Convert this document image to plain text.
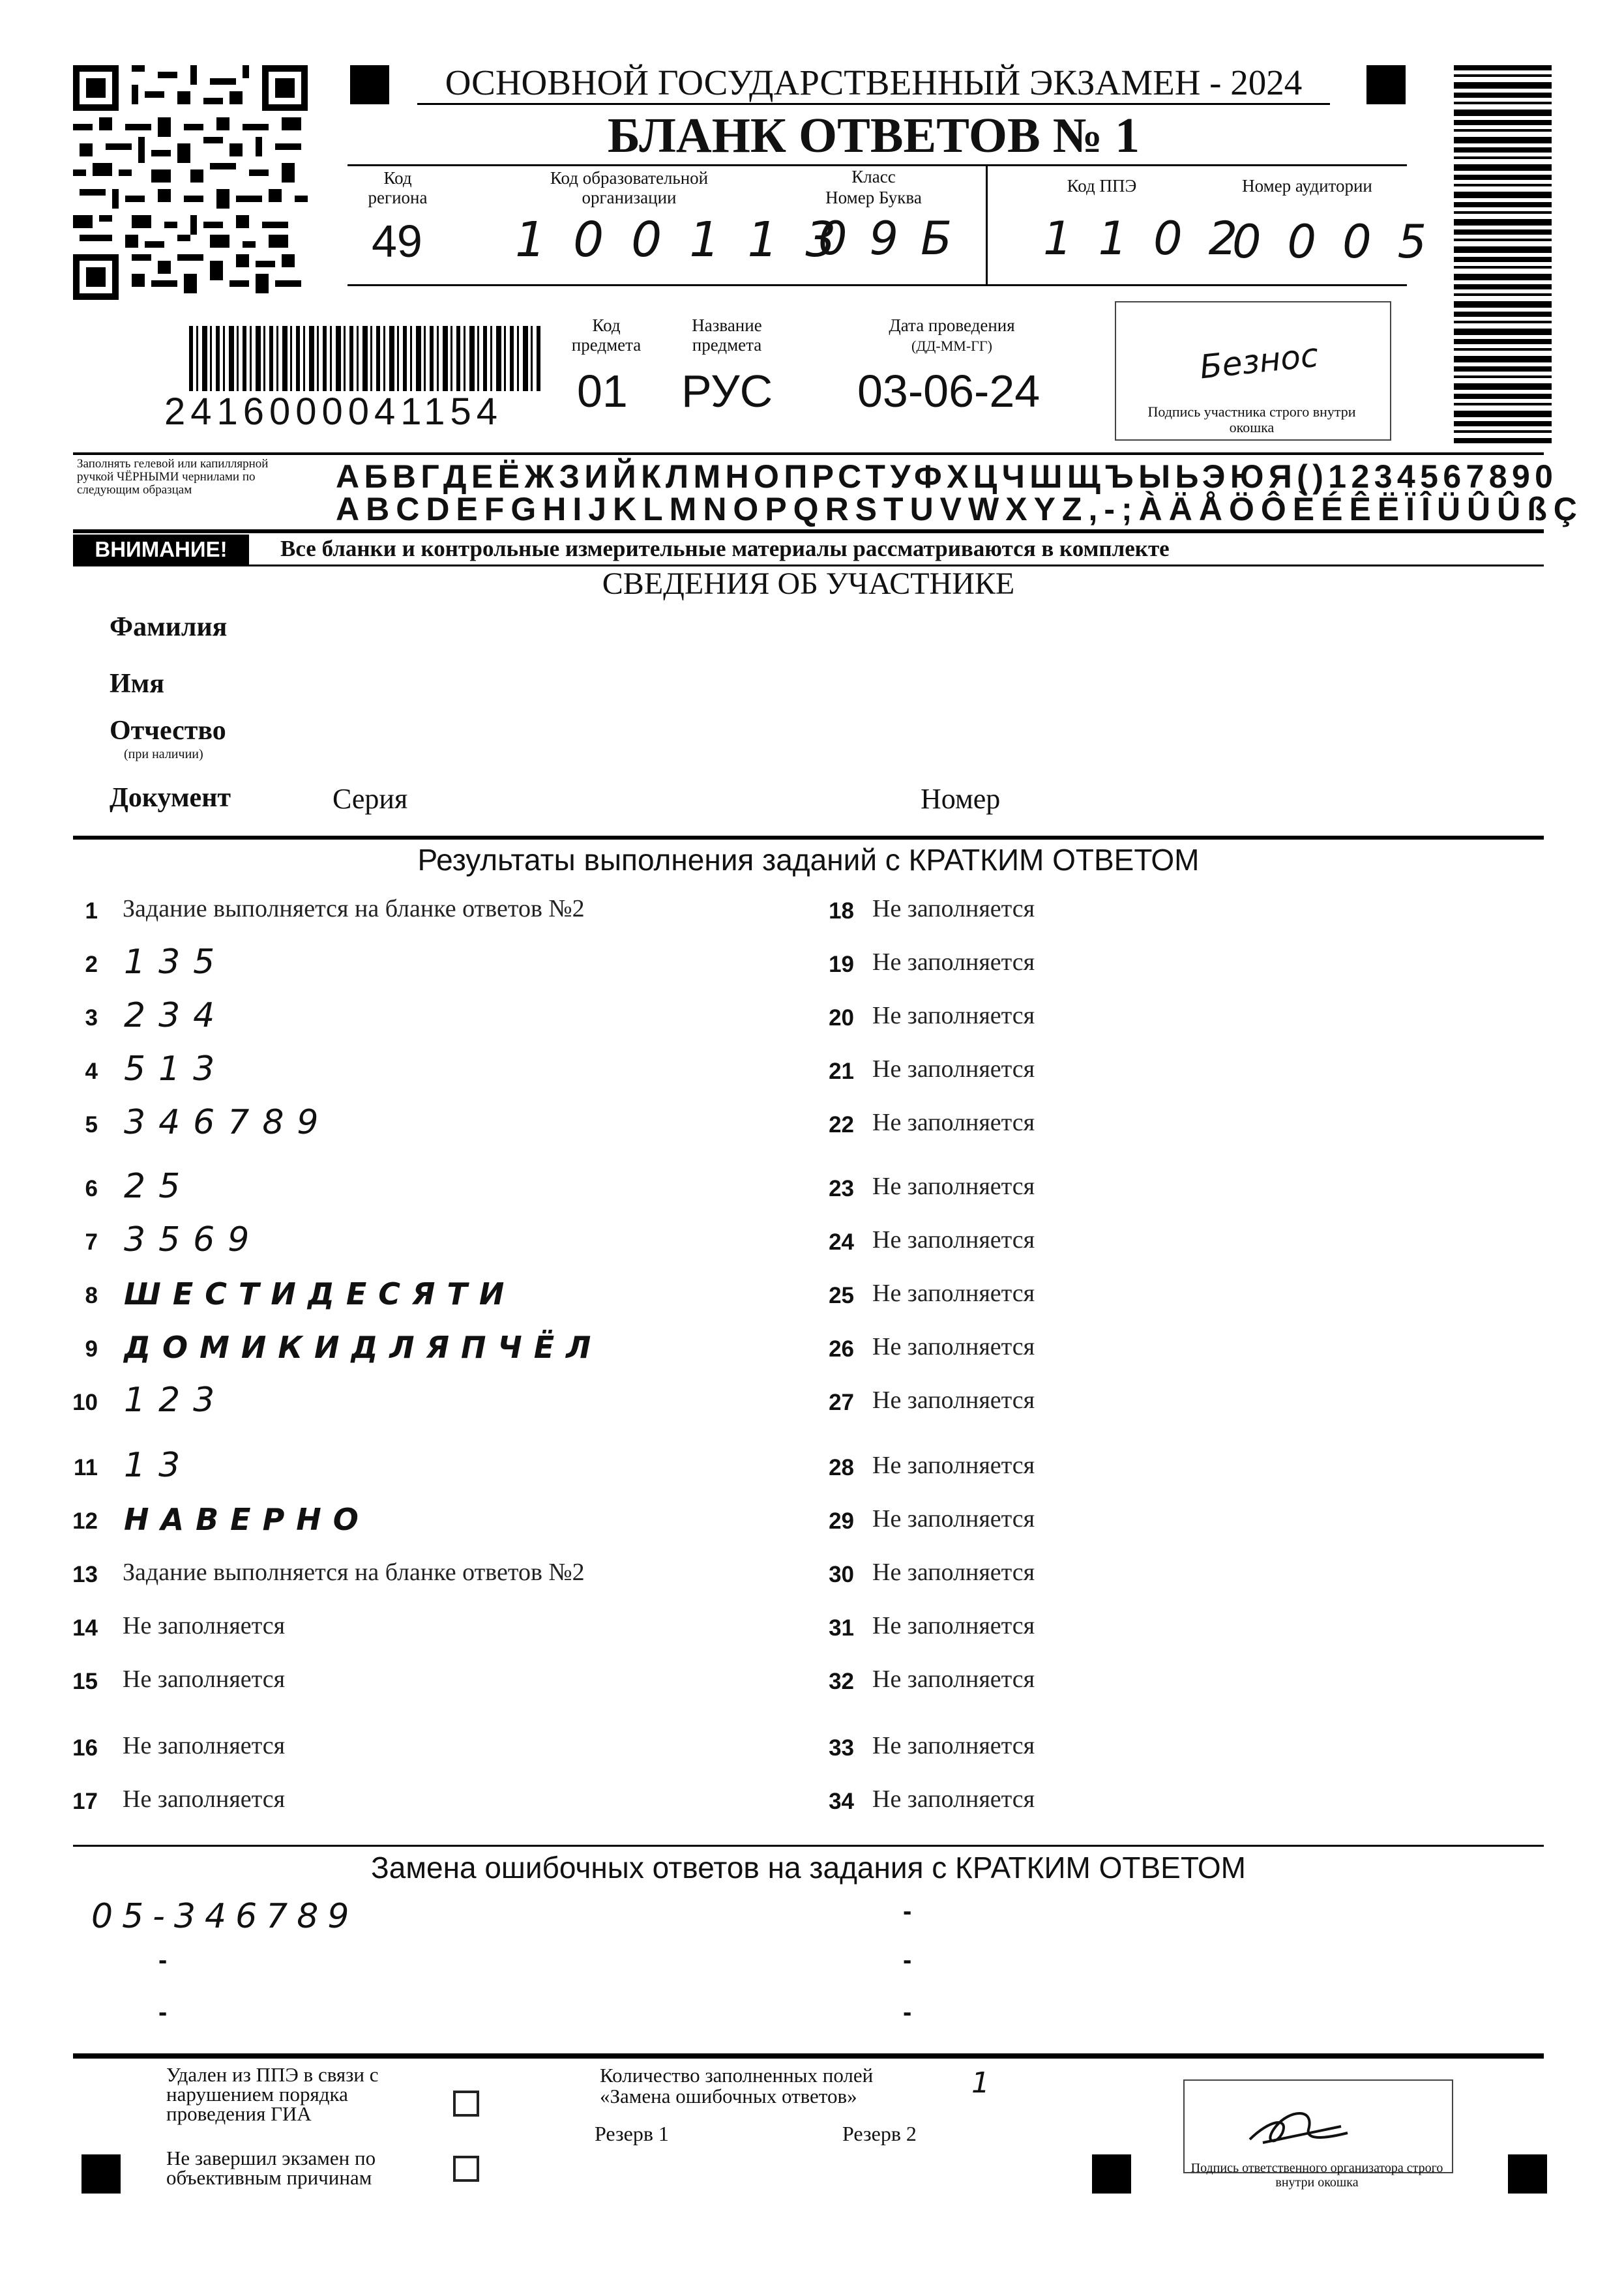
ОСНОВНОЙ ГОСУДАРСТВЕННЫЙ ЭКЗАМЕН - 2024
БЛАНК ОТВЕТОВ № 1
Код региона
49
Код образовательной организации
100113
Класс
Номер Буква
09Б
Код ППЭ
1102
Номер аудитории
0005
2416000041154
Код предмета
01
Название предмета
РУС
Дата проведения
(ДД-ММ-ГГ)
03-06-24
Безнос
Подпись участника строго внутри окошка
Заполнять гелевой или капиллярной ручкой ЧЁРНЫМИ чернилами по следующим образцам	АБВГДЕЁЖЗИЙКЛМНОПРСТУФХЦЧШЩЪЫЬЭЮЯ()1234567890
ABCDEFGHIJKLMNOPQRSTUVWXYZ,-;ÀÄÅÖÔÈÉÊËÏÎÜÛÛßÇ
ВНИМАНИЕ!	Все бланки и контрольные измерительные материалы рассматриваются в комплекте
СВЕДЕНИЯ ОБ УЧАСТНИКЕ
Фамилия
Имя
Отчество
(при наличии)
Документ	Серия	Номер
Результаты выполнения заданий с КРАТКИМ ОТВЕТОМ
1 Задание выполняется на бланке ответов №2
2 135
3 234
4 513
5 346789
6 25
7 3569
8 ШЕСТИДЕСЯТИ
9 ДОМИКИДЛЯПЧЁЛ
10 123
11 13
12 НАВЕРНО
13 Задание выполняется на бланке ответов №2
14 Не заполняется
15 Не заполняется
16 Не заполняется
17 Не заполняется
18 Не заполняется
19 Не заполняется
20 Не заполняется
21 Не заполняется
22 Не заполняется
23 Не заполняется
24 Не заполняется
25 Не заполняется
26 Не заполняется
27 Не заполняется
28 Не заполняется
29 Не заполняется
30 Не заполняется
31 Не заполняется
32 Не заполняется
33 Не заполняется
34 Не заполняется
Замена ошибочных ответов на задания с КРАТКИМ ОТВЕТОМ
05-346789
-
-
-
-
-
Удален из ППЭ в связи с нарушением порядка проведения ГИА
Не завершил экзамен по объективным причинам
Количество заполненных полей «Замена ошибочных ответов»	1
Резерв 1	Резерв 2
Подпись ответственного организатора строго внутри окошка
